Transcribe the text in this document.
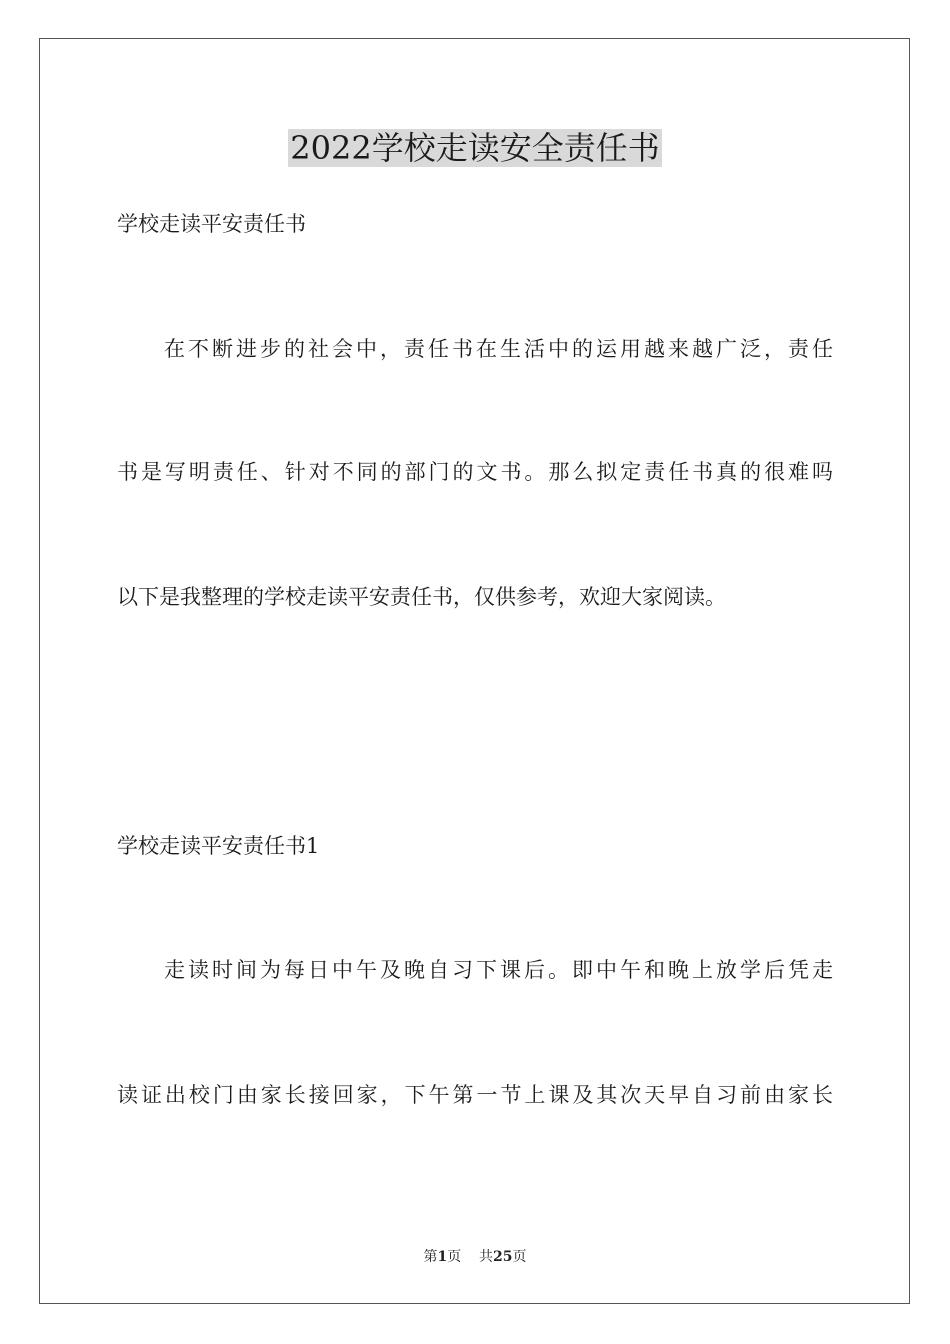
2022学校走读安全责任书

学校走读平安责任书

在不断进步的社会中，责任书在生活中的运用越来越广泛，责任

书是写明责任、针对不同的部门的文书。那么拟定责任书真的很难吗

以下是我整理的学校走读平安责任书，仅供参考，欢迎大家阅读。

学校走读平安责任书1

走读时间为每日中午及晚自习下课后。即中午和晚上放学后凭走

读证出校门由家长接回家，下午第一节上课及其次天早自习前由家长

第1页 共25页
